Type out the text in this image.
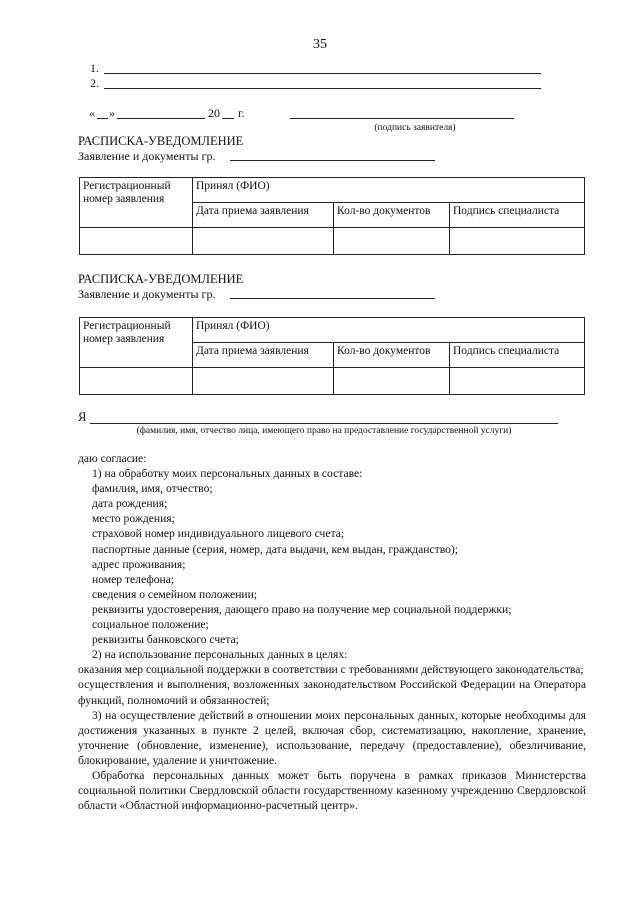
35
1.
2.
« »	20 г.
(подпись заявителя)
РАСПИСКА-УВЕДОМЛЕНИЕ
Заявление и документы гр.
Регистрационный номер заявления	Принял (ФИО)		
	Дата приема заявления	Кол-во документов	Подпись специалиста

РАСПИСКА-УВЕДОМЛЕНИЕ
Заявление и документы гр.
Регистрационный номер заявления	Принял (ФИО)		
	Дата приема заявления	Кол-во документов	Подпись специалиста

Я
(фамилия, имя, отчество лица, имеющего право на предоставление государственной услуги)

даю согласие:

1) на обработку моих персональных данных в составе:

фамилия, имя, отчество;

дата рождения;

место рождения;

страховой номер индивидуального лицевого счета;

паспортные данные (серия, номер, дата выдачи, кем выдан, гражданство);

адрес проживания;

номер телефона;

сведения о семейном положении;

реквизиты удостоверения, дающего право на получение мер социальной поддержки;

социальное положение;

реквизиты банковского счета;

2) на использование персональных данных в целях:

оказания мер социальной поддержки в соответствии с требованиями действующего законодательства;

осуществления и выполнения, возложенных законодательством Российской Федерации на Оператора функций, полномочий и обязанностей;

3) на осуществление действий в отношении моих персональных данных, которые необходимы для достижения указанных в пункте 2 целей, включая сбор, систематизацию, накопление, хранение, уточнение (обновление, изменение), использование, передачу (предоставление), обезличивание, блокирование, удаление и уничтожение.

Обработка персональных данных может быть поручена в рамках приказов Министерства социальной политики Свердловской области государственному казенному учреждению Свердловской области «Областной информационно-расчетный центр».
